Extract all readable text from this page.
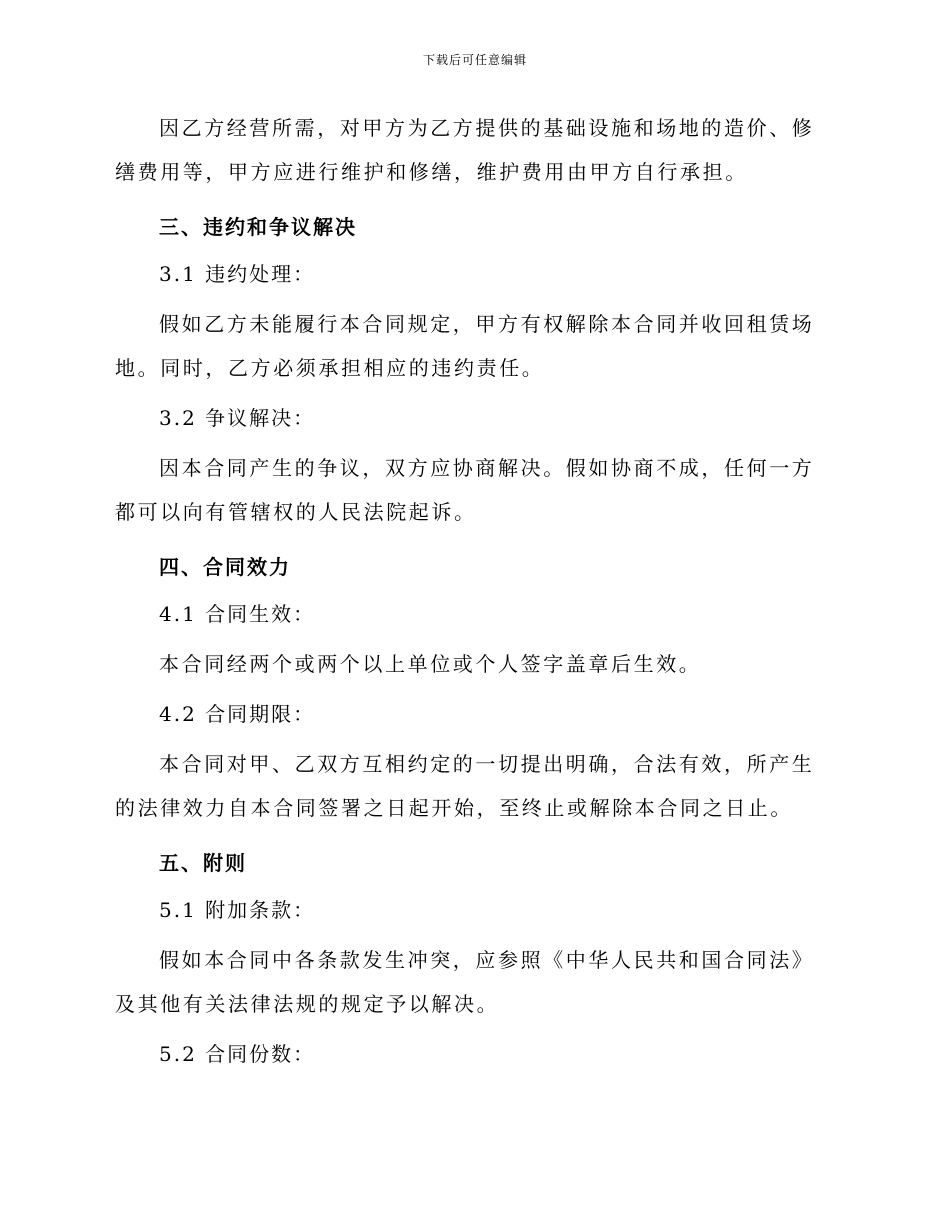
下载后可任意编辑

因乙方经营所需，对甲方为乙方提供的基础设施和场地的造价、修缮费用等，甲方应进行维护和修缮，维护费用由甲方自行承担。

三、违约和争议解决

3.1 违约处理：

假如乙方未能履行本合同规定，甲方有权解除本合同并收回租赁场地。同时，乙方必须承担相应的违约责任。

3.2 争议解决：

因本合同产生的争议，双方应协商解决。假如协商不成，任何一方都可以向有管辖权的人民法院起诉。

四、合同效力

4.1 合同生效：

本合同经两个或两个以上单位或个人签字盖章后生效。

4.2 合同期限：

本合同对甲、乙双方互相约定的一切提出明确，合法有效，所产生的法律效力自本合同签署之日起开始，至终止或解除本合同之日止。

五、附则

5.1 附加条款：

假如本合同中各条款发生冲突，应参照《中华人民共和国合同法》及其他有关法律法规的规定予以解决。

5.2 合同份数：
